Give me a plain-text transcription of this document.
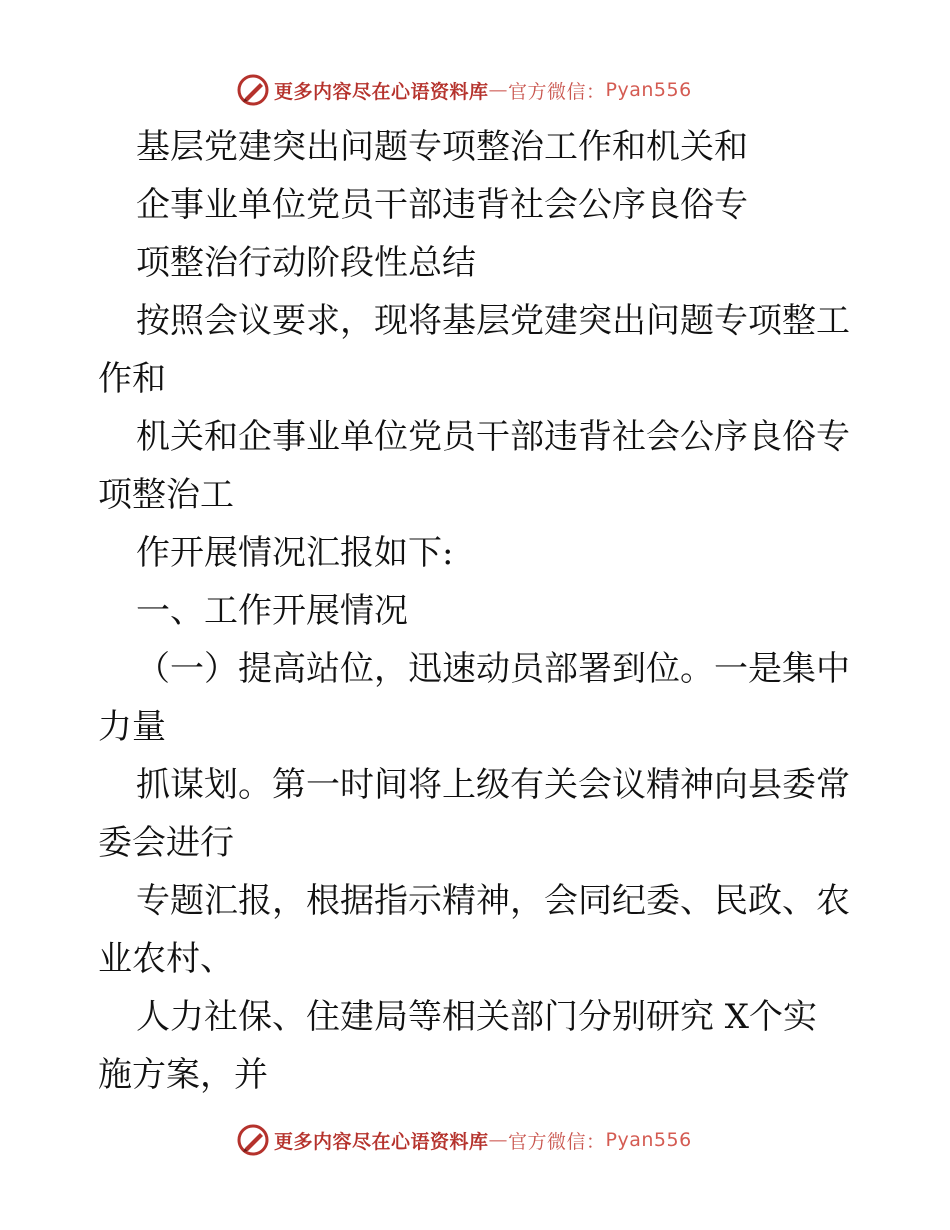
更多内容尽在心语资料库 — 官方微信： Pyan556
基层党建突出问题专项整治工作和机关和
企事业单位党员干部违背社会公序良俗专
项整治行动阶段性总结
按照会议要求，现将基层党建突出问题专项整工
作和
机关和企事业单位党员干部违背社会公序良俗专
项整治工
作开展情况汇报如下:
一、工作开展情况
（一）提高站位，迅速动员部署到位。一是集中
力量
抓谋划。第一时间将上级有关会议精神向县委常
委会进行
专题汇报，根据指示精神，会同纪委、民政、农
业农村、
人力社保、住建局等相关部门分别研究 X个实
施方案，并
更多内容尽在心语资料库 — 官方微信： Pyan556
